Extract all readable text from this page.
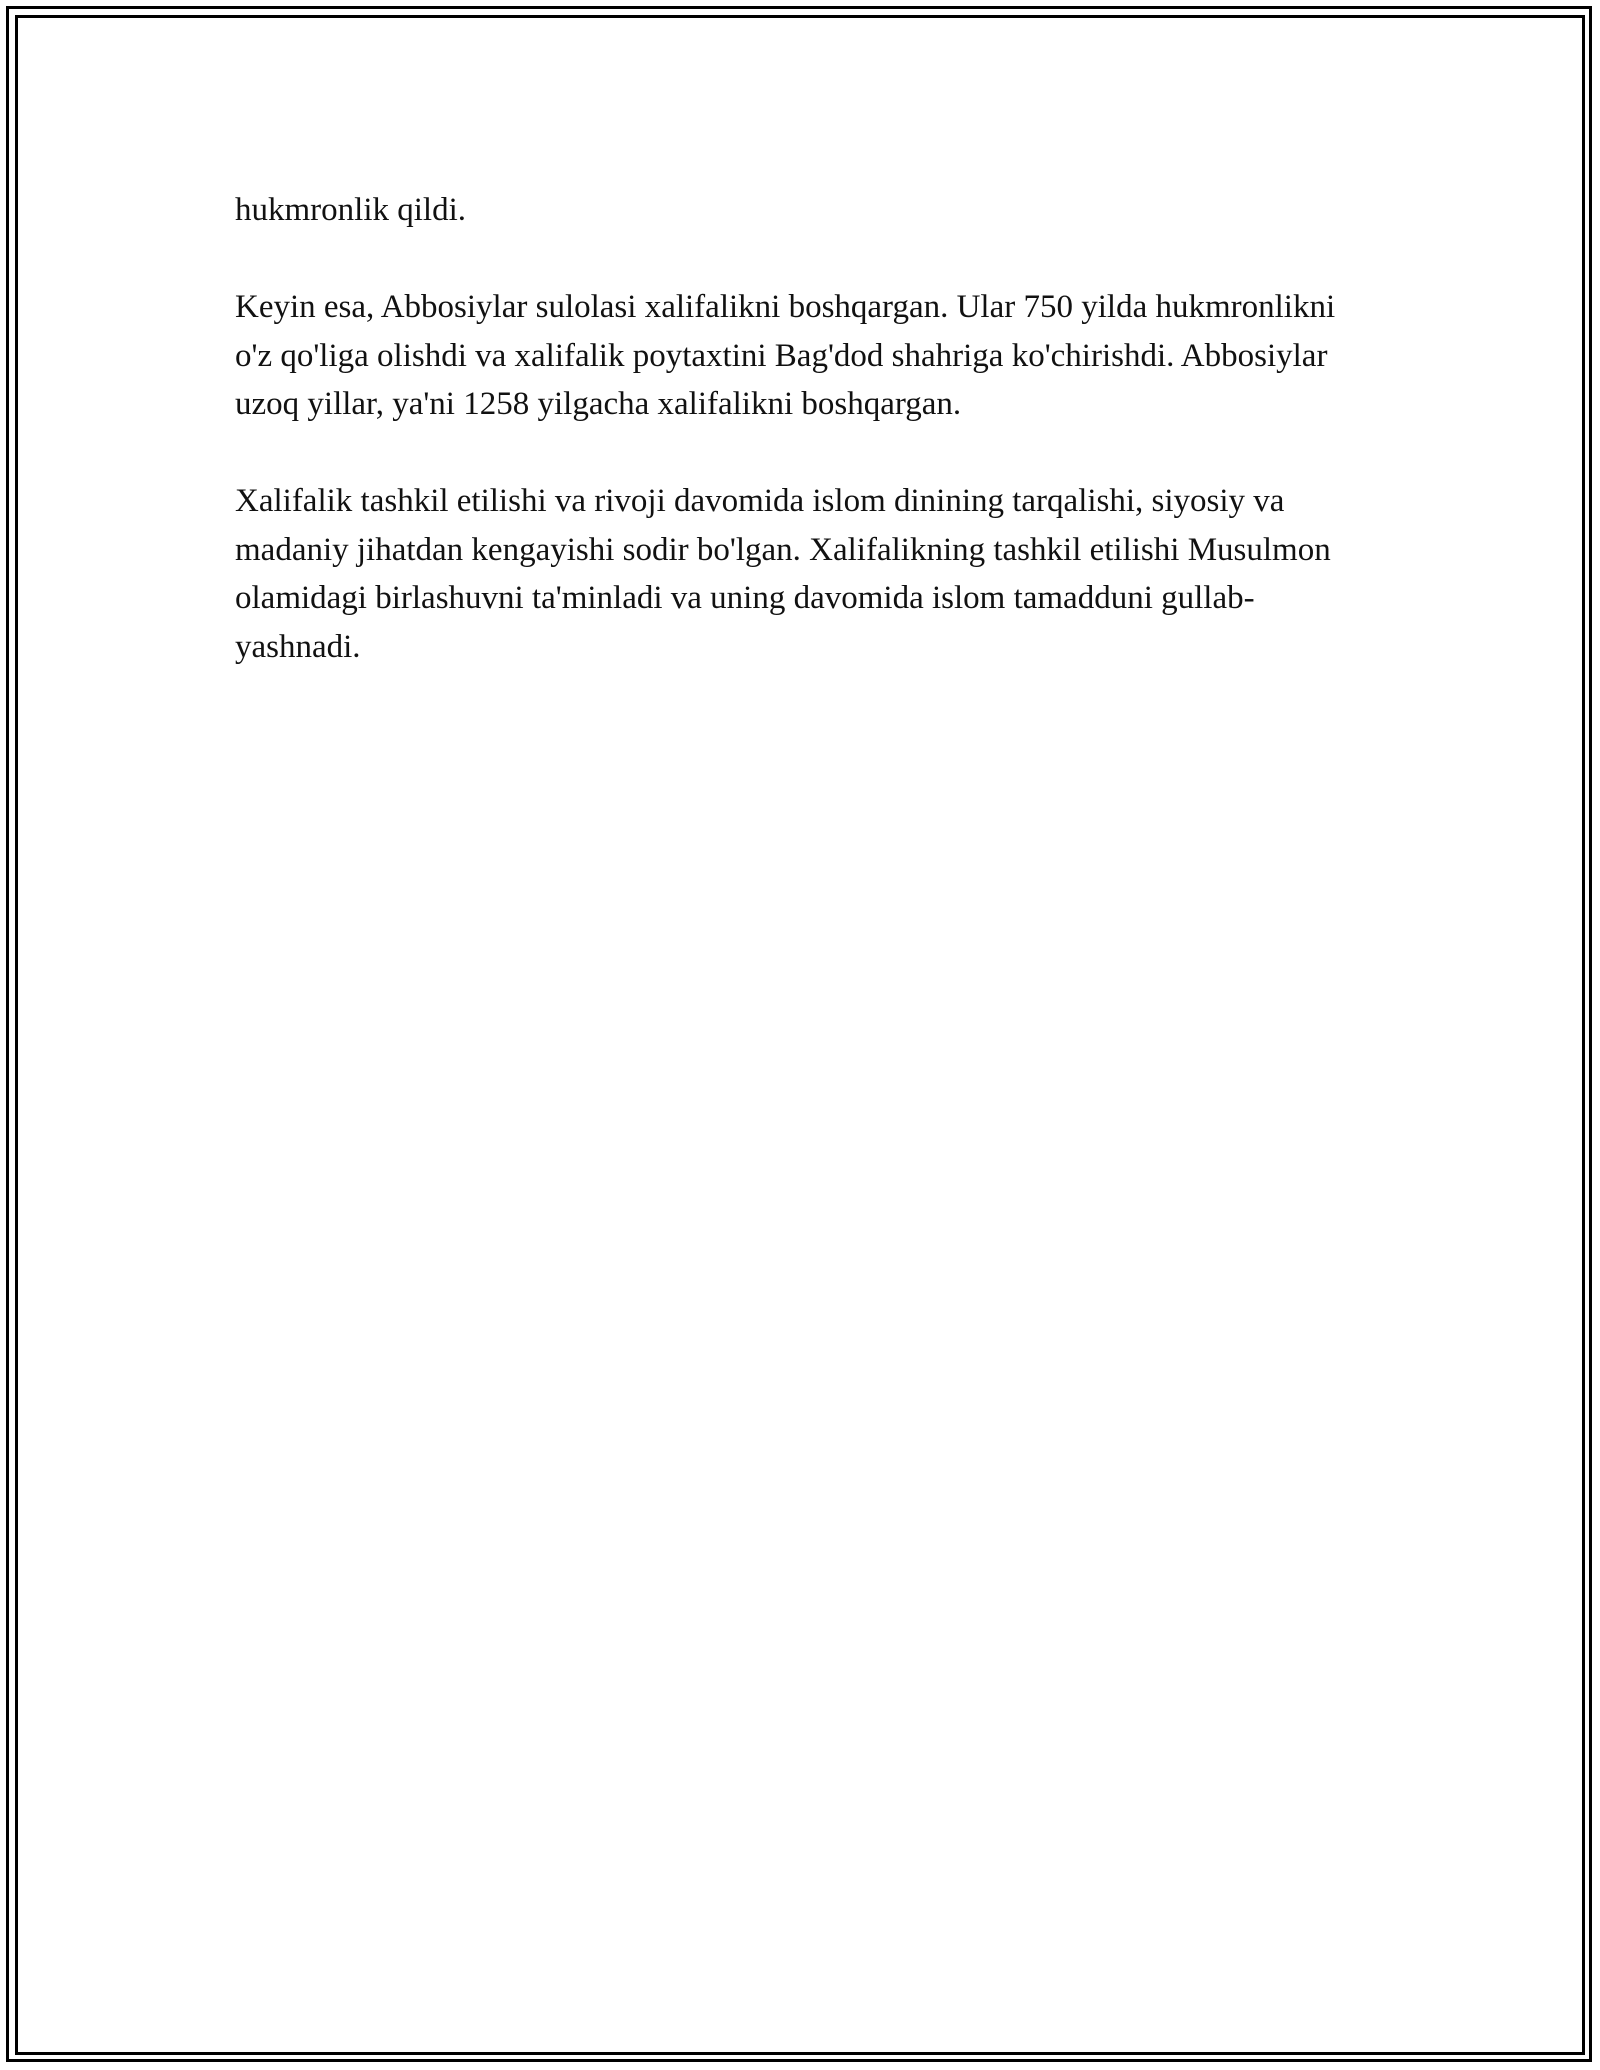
hukmronlik qildi.

Keyin esa, Abbosiylar sulolasi xalifalikni boshqargan. Ular 750 yilda hukmronlikni o'z qo'liga olishdi va xalifalik poytaxtini Bag'dod shahriga ko'chirishdi. Abbosiylar uzoq yillar, ya'ni 1258 yilgacha xalifalikni boshqargan.

Xalifalik tashkil etilishi va rivoji davomida islom dinining tarqalishi, siyosiy va madaniy jihatdan kengayishi sodir bo'lgan. Xalifalikning tashkil etilishi Musulmon olamidagi birlashuvni ta'minladi va uning davomida islom tamadduni gullab-yashnadi.
